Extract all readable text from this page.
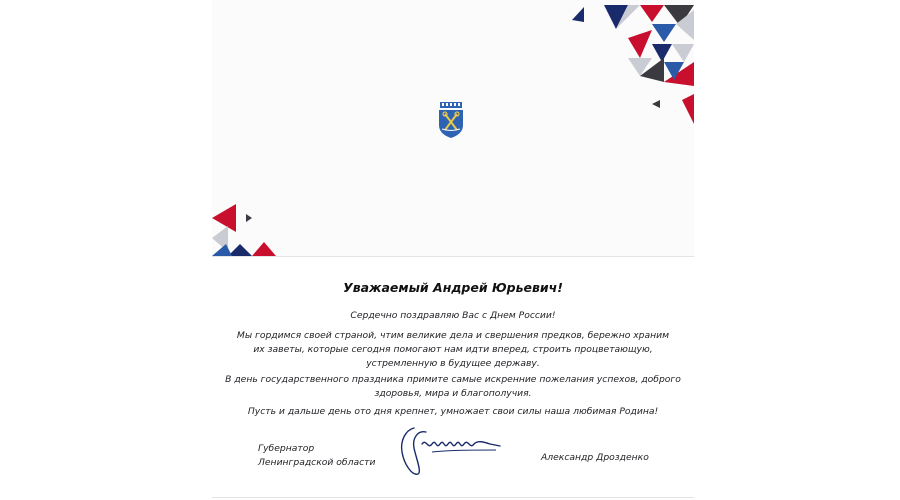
Уважаемый Андрей Юрьевич!
Сердечно поздравляю Вас с Днем России!
Мы гордимся своей страной, чтим великие дела и свершения предков, бережно храним
их заветы, которые сегодня помогают нам идти вперед, строить процветающую,
устремленную в будущее державу.
В день государственного праздника примите самые искренние пожелания успехов, доброго
здоровья, мира и благополучия.
Пусть и дальше день ото дня крепнет, умножает свои силы наша любимая Родина!
Губернатор
Ленинградской области	Александр Дрозденко
